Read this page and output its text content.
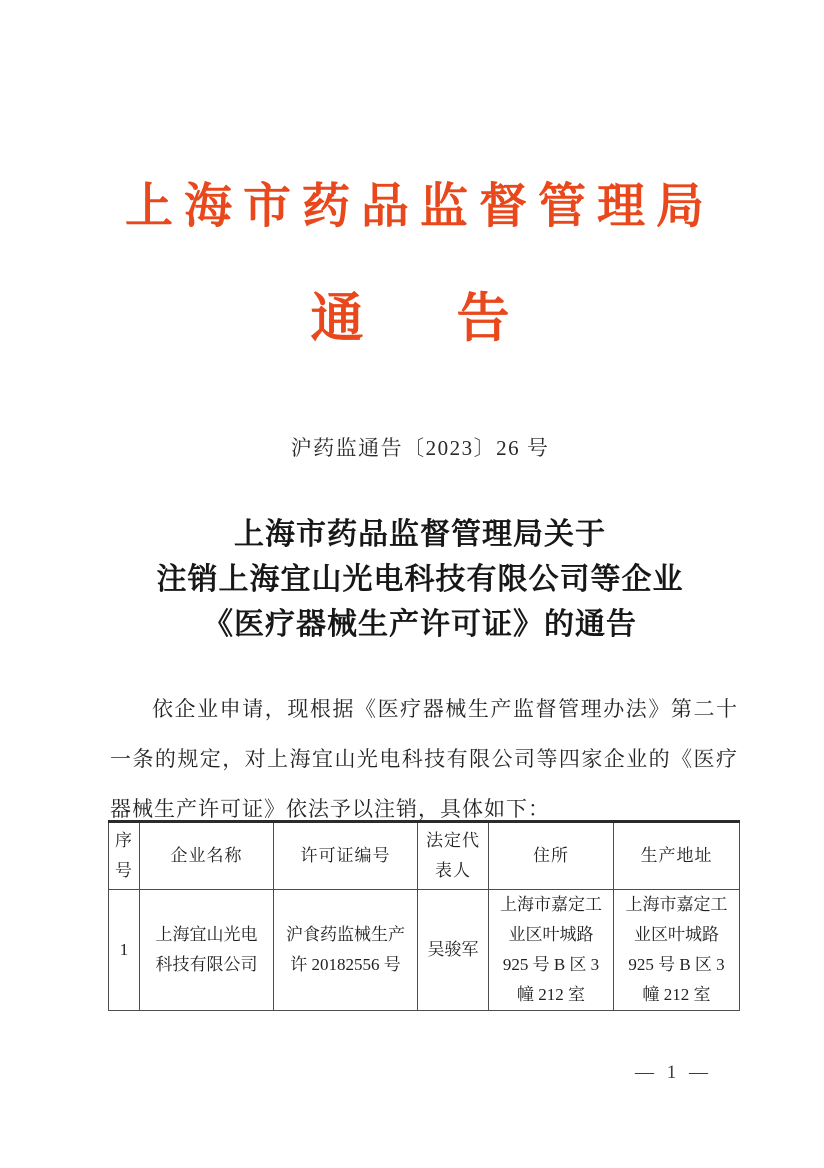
上海市药品监督管理局
通　告
沪药监通告〔2023〕26 号
上海市药品监督管理局关于
注销上海宜山光电科技有限公司等企业
《医疗器械生产许可证》的通告

依企业申请，现根据《医疗器械生产监督管理办法》第二十一条的规定，对上海宜山光电科技有限公司等四家企业的《医疗器械生产许可证》依法予以注销，具体如下：

序号	企业名称	许可证编号	法定代表人	住所	生产地址
1	上海宜山光电科技有限公司	沪食药监械生产许 20182556 号	吴骏军	上海市嘉定工业区叶城路 925 号 B 区 3 幢 212 室	上海市嘉定工业区叶城路 925 号 B 区 3 幢 212 室
— 1 —
